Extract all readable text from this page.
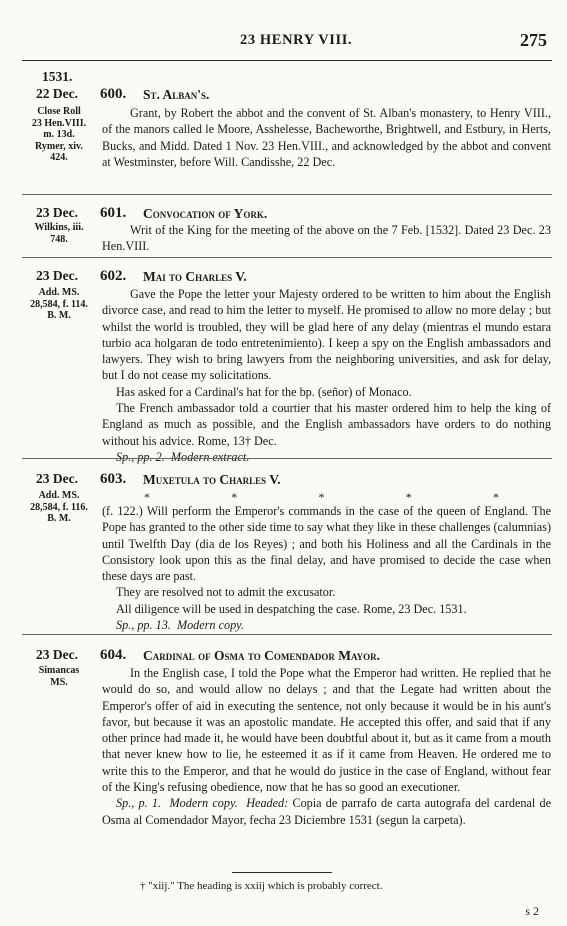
23 HENRY VIII.	275
1531.
22 Dec.
Close Roll
23 Hen.VIII.
m. 13d.
Rymer, xiv.
424.
600. St. Alban's.

Grant, by Robert the abbot and the convent of St. Alban's monastery, to Henry VIII., of the manors called le Moore, Asshelesse, Bacheworthe, Brightwell, and Estbury, in Herts, Bucks, and Midd. Dated 1 Nov. 23 Hen.VIII., and acknowledged by the abbot and convent at Westminster, before Will. Candisshe, 22 Dec.

23 Dec.
Wilkins, iii.
748.
601. Convocation of York.

Writ of the King for the meeting of the above on the 7 Feb. [1532]. Dated 23 Dec. 23 Hen.VIII.

23 Dec.
Add. MS.
28,584, f. 114.
B. M.
602. Mai to Charles V.

Gave the Pope the letter your Majesty ordered to be written to him about the English divorce case, and read to him the letter to myself. He promised to allow no more delay ; but whilst the world is troubled, they will be glad here of any delay (mientras el mundo estara turbio aca holgaran de todo entretenimiento). I keep a spy on the English ambassadors and lawyers. They wish to bring lawyers from the neighboring universities, and ask for delay, but I do not cease my solicitations.

Has asked for a Cardinal's hat for the bp. (señor) of Monaco.

The French ambassador told a courtier that his master ordered him to help the king of England as much as possible, and the English ambassadors have orders to do nothing without his advice. Rome, 13† Dec.

Sp., pp. 2. Modern extract.

23 Dec.
Add. MS.
28,584, f. 116.
B. M.
603. Muxetula to Charles V.
*	*	*	*	*

(f. 122.) Will perform the Emperor's commands in the case of the queen of England. The Pope has granted to the other side time to say what they like in these challenges (calumnias) until Twelfth Day (dia de los Reyes) ; and both his Holiness and all the Cardinals in the Consistory look upon this as the final delay, and have promised to decide the case when these days are past.

They are resolved not to admit the excusator.

All diligence will be used in despatching the case. Rome, 23 Dec. 1531.

Sp., pp. 13. Modern copy.

23 Dec.
Simancas
MS.
604. Cardinal of Osma to Comendador Mayor.

In the English case, I told the Pope what the Emperor had written. He replied that he would do so, and would allow no delays ; and that the Legate had written about the Emperor's offer of aid in executing the sentence, not only because it would be in his aunt's favor, but because it was an apostolic mandate. He accepted this offer, and said that if any other prince had made it, he would have been doubtful about it, but as it came from a mouth that never knew how to lie, he esteemed it as if it came from Heaven. He ordered me to write this to the Emperor, and that he would do justice in the case of England, without fear of the King's refusing obedience, now that he has so good an executioner.

Sp., p. 1. Modern copy. Headed: Copia de parrafo de carta autografa del cardenal de Osma al Comendador Mayor, fecha 23 Diciembre 1531 (segun la carpeta).

† "xiij." The heading is xxiij which is probably correct.
s 2
